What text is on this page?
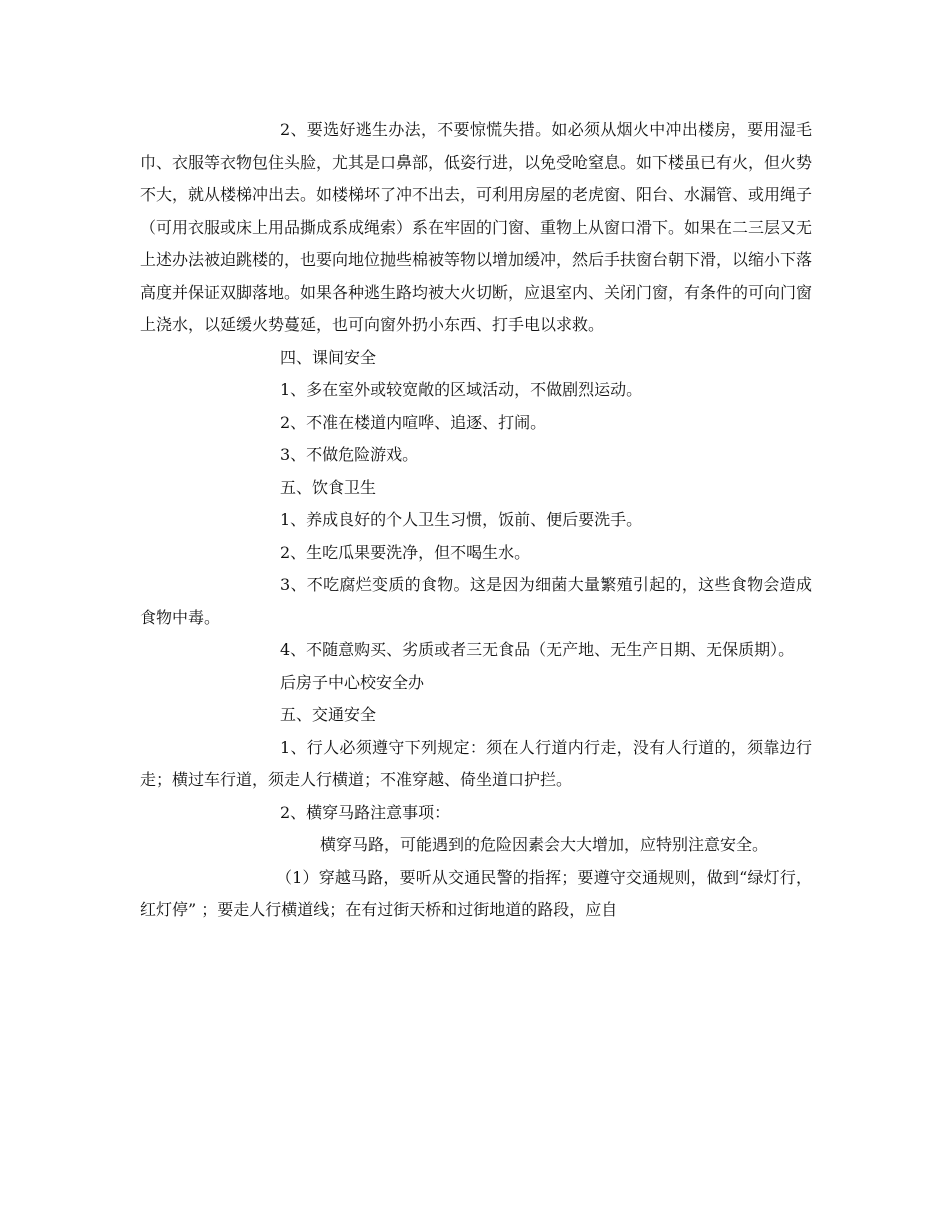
2、要选好逃生办法，不要惊慌失措。如必须从烟火中冲出楼房，要用湿毛巾、衣服等衣物包住头脸，尤其是口鼻部，低姿行进，以免受呛窒息。如下楼虽已有火，但火势不大，就从楼梯冲出去。如楼梯坏了冲不出去，可利用房屋的老虎窗、阳台、水漏管、或用绳子（可用衣服或床上用品撕成系成绳索）系在牢固的门窗、重物上从窗口滑下。如果在二三层又无上述办法被迫跳楼的，也要向地位抛些棉被等物以增加缓冲，然后手扶窗台朝下滑，以缩小下落高度并保证双脚落地。如果各种逃生路均被大火切断，应退室内、关闭门窗，有条件的可向门窗上浇水，以延缓火势蔓延，也可向窗外扔小东西、打手电以求救。

四、课间安全

1、多在室外或较宽敞的区域活动，不做剧烈运动。

2、不准在楼道内喧哗、追逐、打闹。

3、不做危险游戏。

五、饮食卫生

1、养成良好的个人卫生习惯，饭前、便后要洗手。

2、生吃瓜果要洗净，但不喝生水。

3、不吃腐烂变质的食物。这是因为细菌大量繁殖引起的，这些食物会造成食物中毒。

4、不随意购买、劣质或者三无食品（无产地、无生产日期、无保质期）。

后房子中心校安全办

五、交通安全

1、行人必须遵守下列规定：须在人行道内行走，没有人行道的，须靠边行走；横过车行道，须走人行横道；不准穿越、倚坐道口护拦。

2、横穿马路注意事项：

横穿马路，可能遇到的危险因素会大大增加，应特别注意安全。

（1）穿越马路，要听从交通民警的指挥；要遵守交通规则，做到“绿灯行，红灯停” ；要走人行横道线；在有过街天桥和过街地道的路段，应自
